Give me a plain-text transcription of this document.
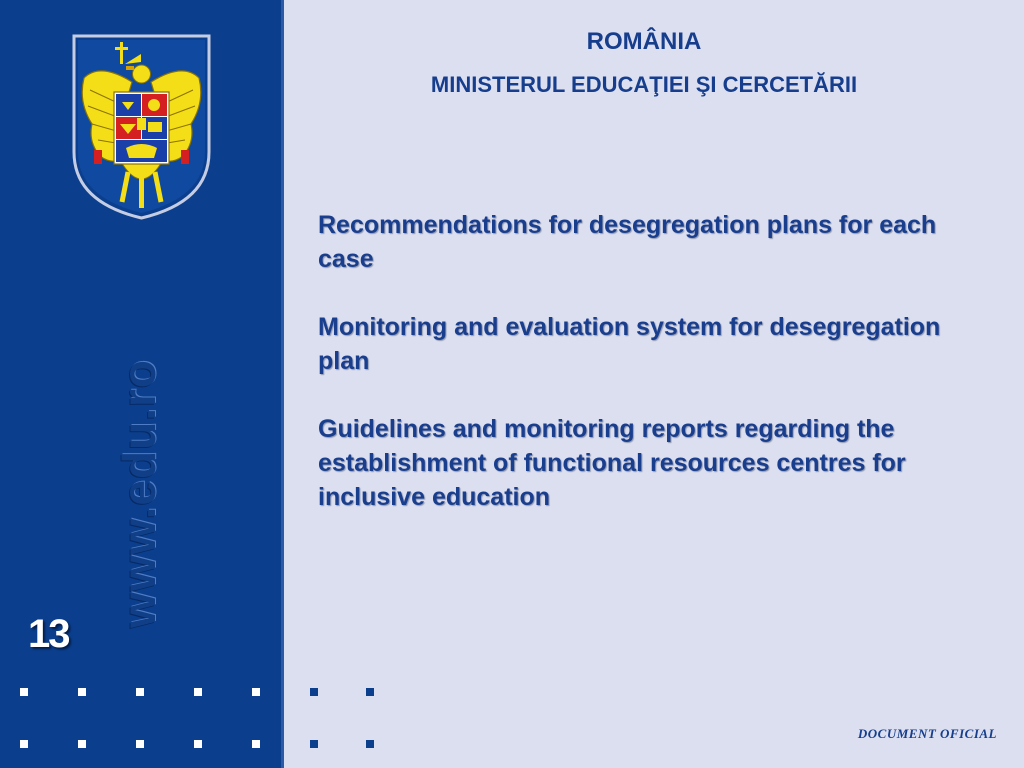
www.edu.ro
13
ROMÂNIA
MINISTERUL EDUCAŢIEI ŞI CERCETĂRII
Recommendations for desegregation plans for each case
Monitoring and evaluation system for desegregation plan
Guidelines and monitoring reports regarding the establishment of functional resources centres for inclusive education
DOCUMENT OFICIAL
